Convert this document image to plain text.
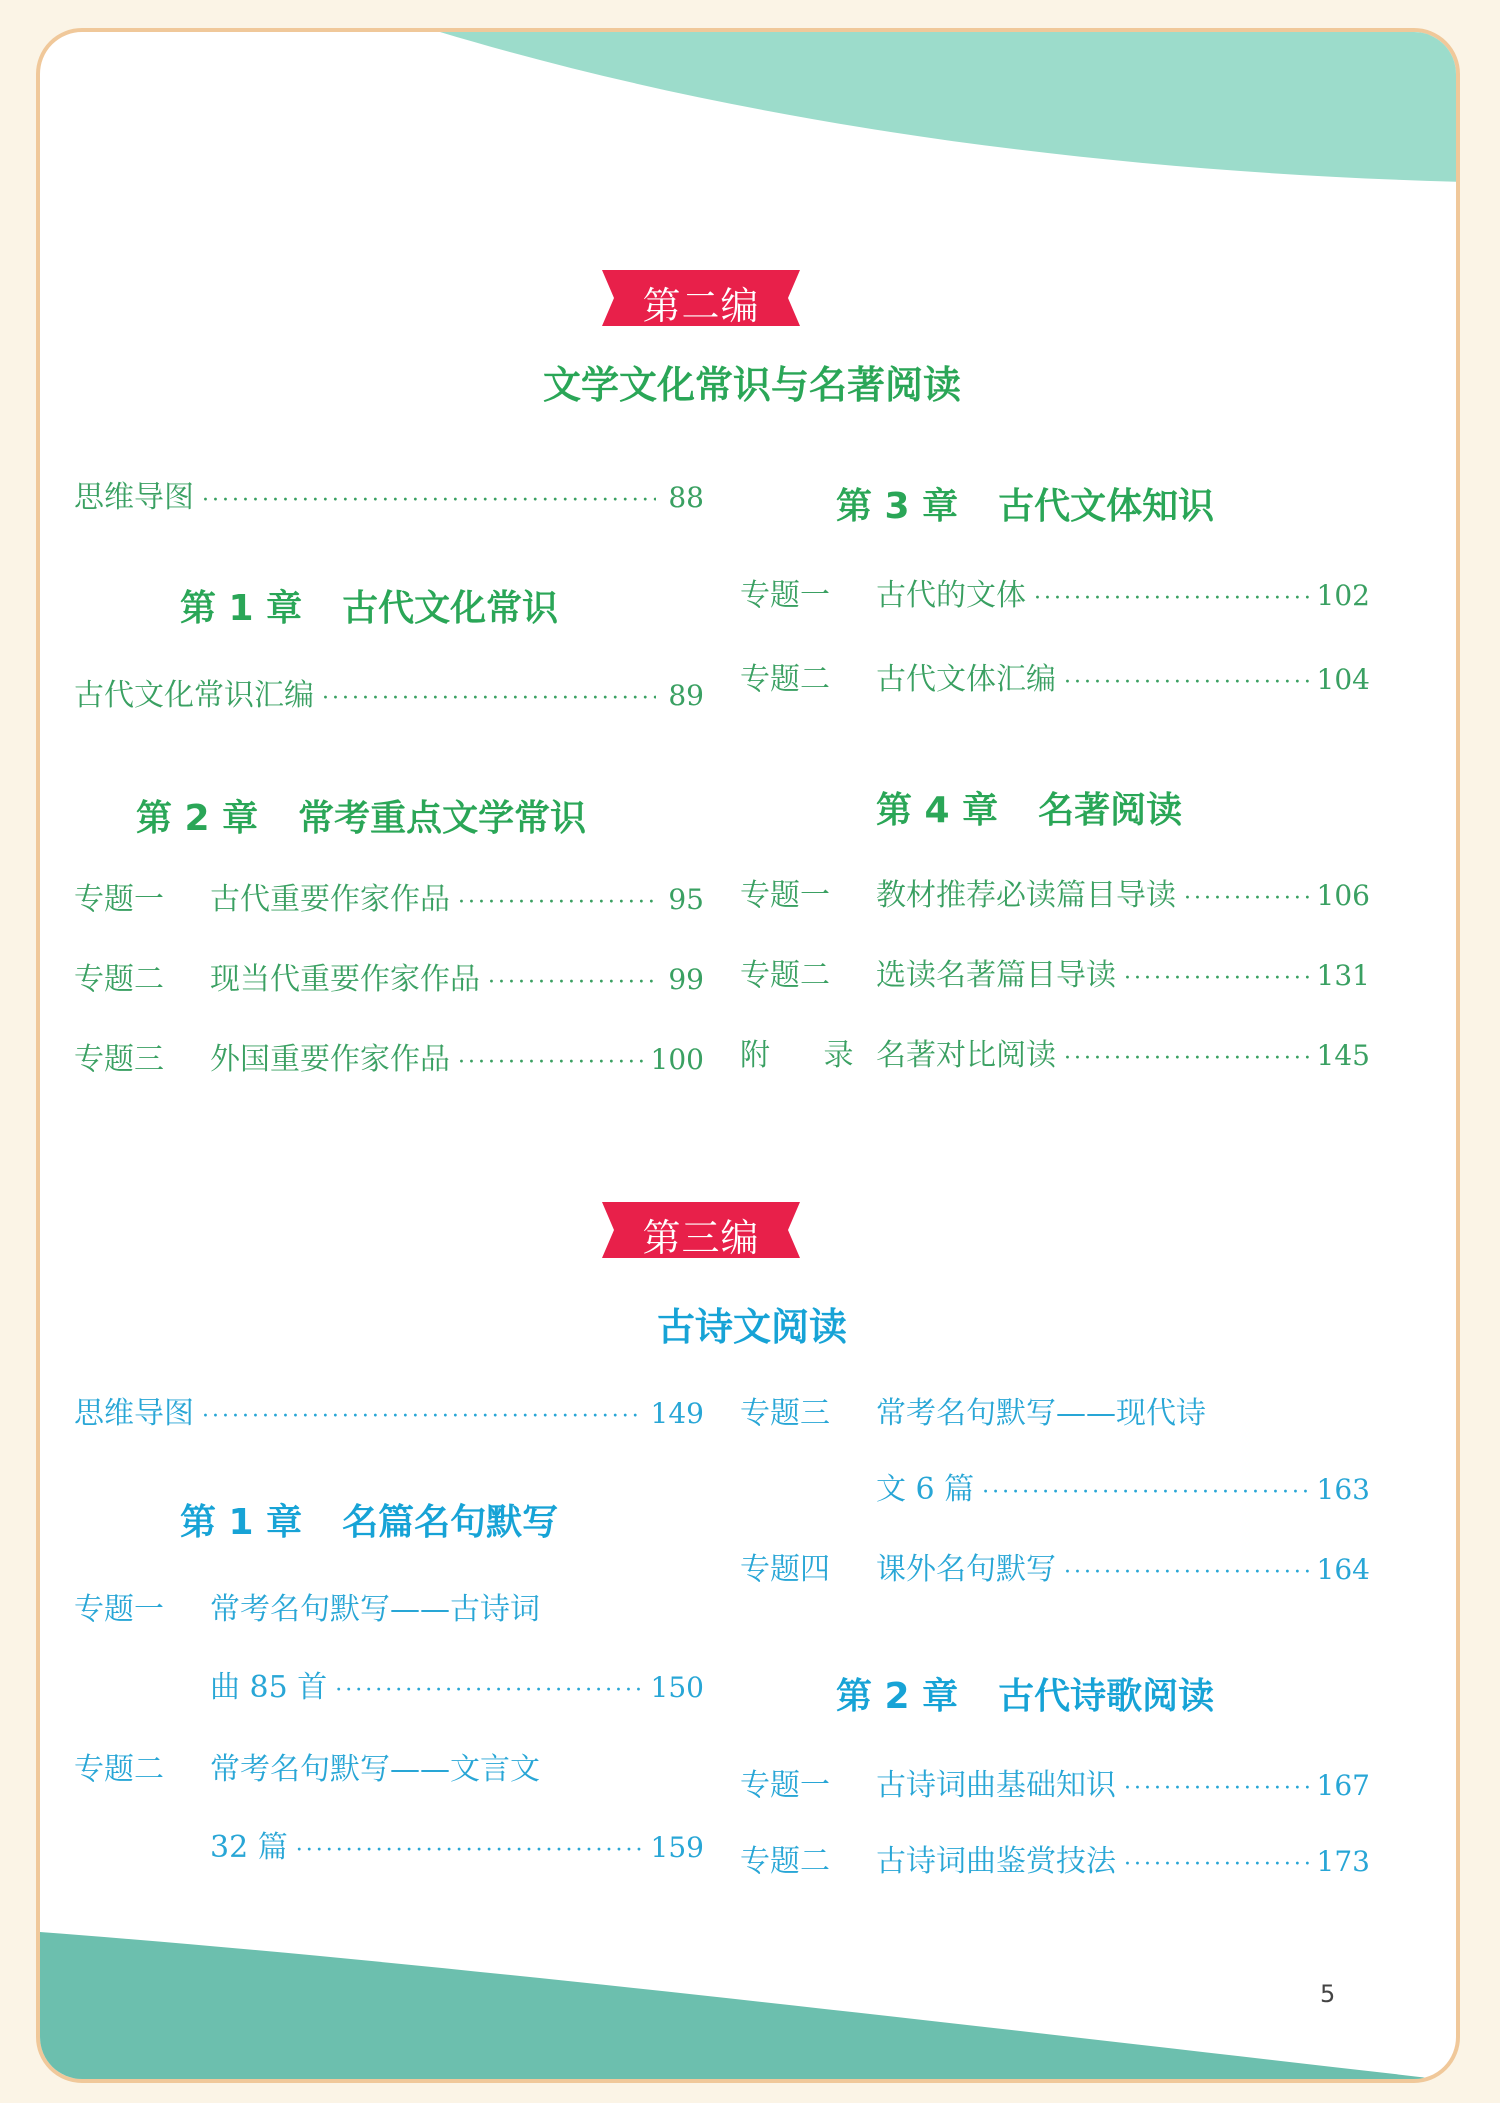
第二编
文学文化常识与名著阅读
思维导图 ·····	88
第 1 章 古代文化常识
古代文化常识汇编 ·····	89
第 2 章 常考重点文学常识
专题一	古代重要作家作品 ·····	95
专题二	现当代重要作家作品 ·····	99
专题三	外国重要作家作品 ·····	100
第 3 章 古代文体知识
专题一	古代的文体 ·····	102
专题二	古代文体汇编 ·····	104
第 4 章 名著阅读
专题一	教材推荐必读篇目导读 ·····	106
专题二	选读名著篇目导读 ·····	131
附 录 名著对比阅读 ·····	145
第三编
古诗文阅读
思维导图 ·····	149
第 1 章 名篇名句默写
专题一	常考名句默写——古诗词
曲 85 首 ·····	150
专题二	常考名句默写——文言文
32 篇 ·····	159
专题三	常考名句默写——现代诗
文 6 篇 ·····	163
专题四	课外名句默写 ·····	164
第 2 章 古代诗歌阅读
专题一	古诗词曲基础知识 ·····	167
专题二	古诗词曲鉴赏技法 ·····	173
5
